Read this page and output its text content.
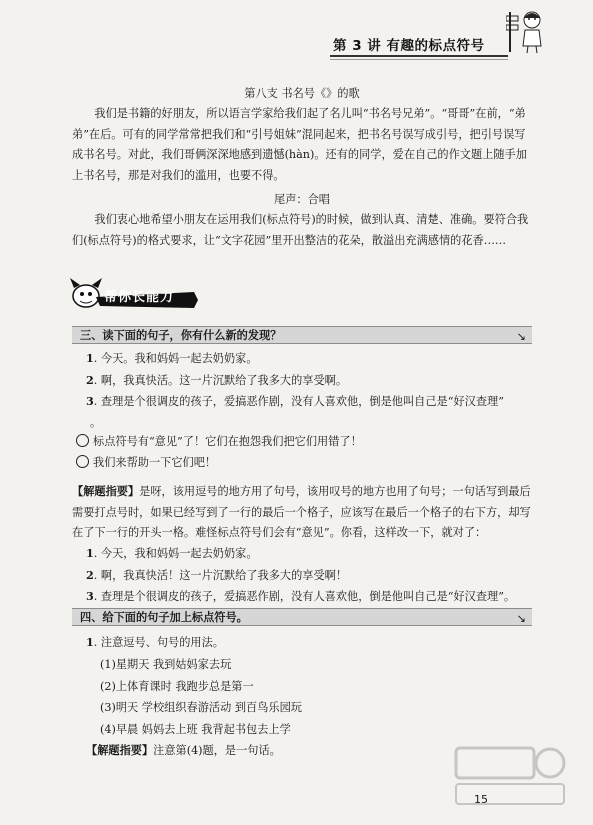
第 3 讲 有趣的标点符号
第八支 书名号《》的歌

我们是书籍的好朋友，所以语言学家给我们起了名儿叫“书名号兄弟”。“哥哥”在前，“弟弟”在后。可有的同学常常把我们和“引号姐妹”混同起来，把书名号误写成引号，把引号误写成书名号。对此，我们哥俩深深地感到遗憾(hàn)。还有的同学，爱在自己的作文题上随手加上书名号，那是对我们的滥用，也要不得。

尾声：合唱

我们衷心地希望小朋友在运用我们(标点符号)的时候，做到认真、清楚、准确。要符合我们(标点符号)的格式要求，让“文字花园”里开出整洁的花朵，散溢出充满感情的花香……

帮你长能力
三、读下面的句子，你有什么新的发现？	↘

1. 今天。我和妈妈一起去奶奶家。

2. 啊，我真快活。这一片沉默给了我多大的享受啊。

3. 查理是个很调皮的孩子，爱搞恶作剧，没有人喜欢他，倒是他叫自己是“好汉查理”

。

标点符号有“意见”了！它们在抱怨我们把它们用错了！

我们来帮助一下它们吧！

【解题指要】是呀，该用逗号的地方用了句号，该用叹号的地方也用了句号；一句话写到最后需要打点号时，如果已经写到了一行的最后一个格子，应该写在最后一个格子的右下方，却写在了下一行的开头一格。难怪标点符号们会有“意见”。你看，这样改一下，就对了：

1. 今天，我和妈妈一起去奶奶家。

2. 啊，我真快活！这一片沉默给了我多大的享受啊！

3. 查理是个很调皮的孩子，爱搞恶作剧，没有人喜欢他，倒是他叫自己是“好汉查理”。

四、给下面的句子加上标点符号。	↘

1. 注意逗号、句号的用法。

(1)星期天 我到姑妈家去玩

(2)上体育课时 我跑步总是第一

(3)明天 学校组织春游活动 到百鸟乐园玩

(4)早晨 妈妈去上班 我背起书包去上学

【解题指要】注意第(4)题，是一句话。

15
